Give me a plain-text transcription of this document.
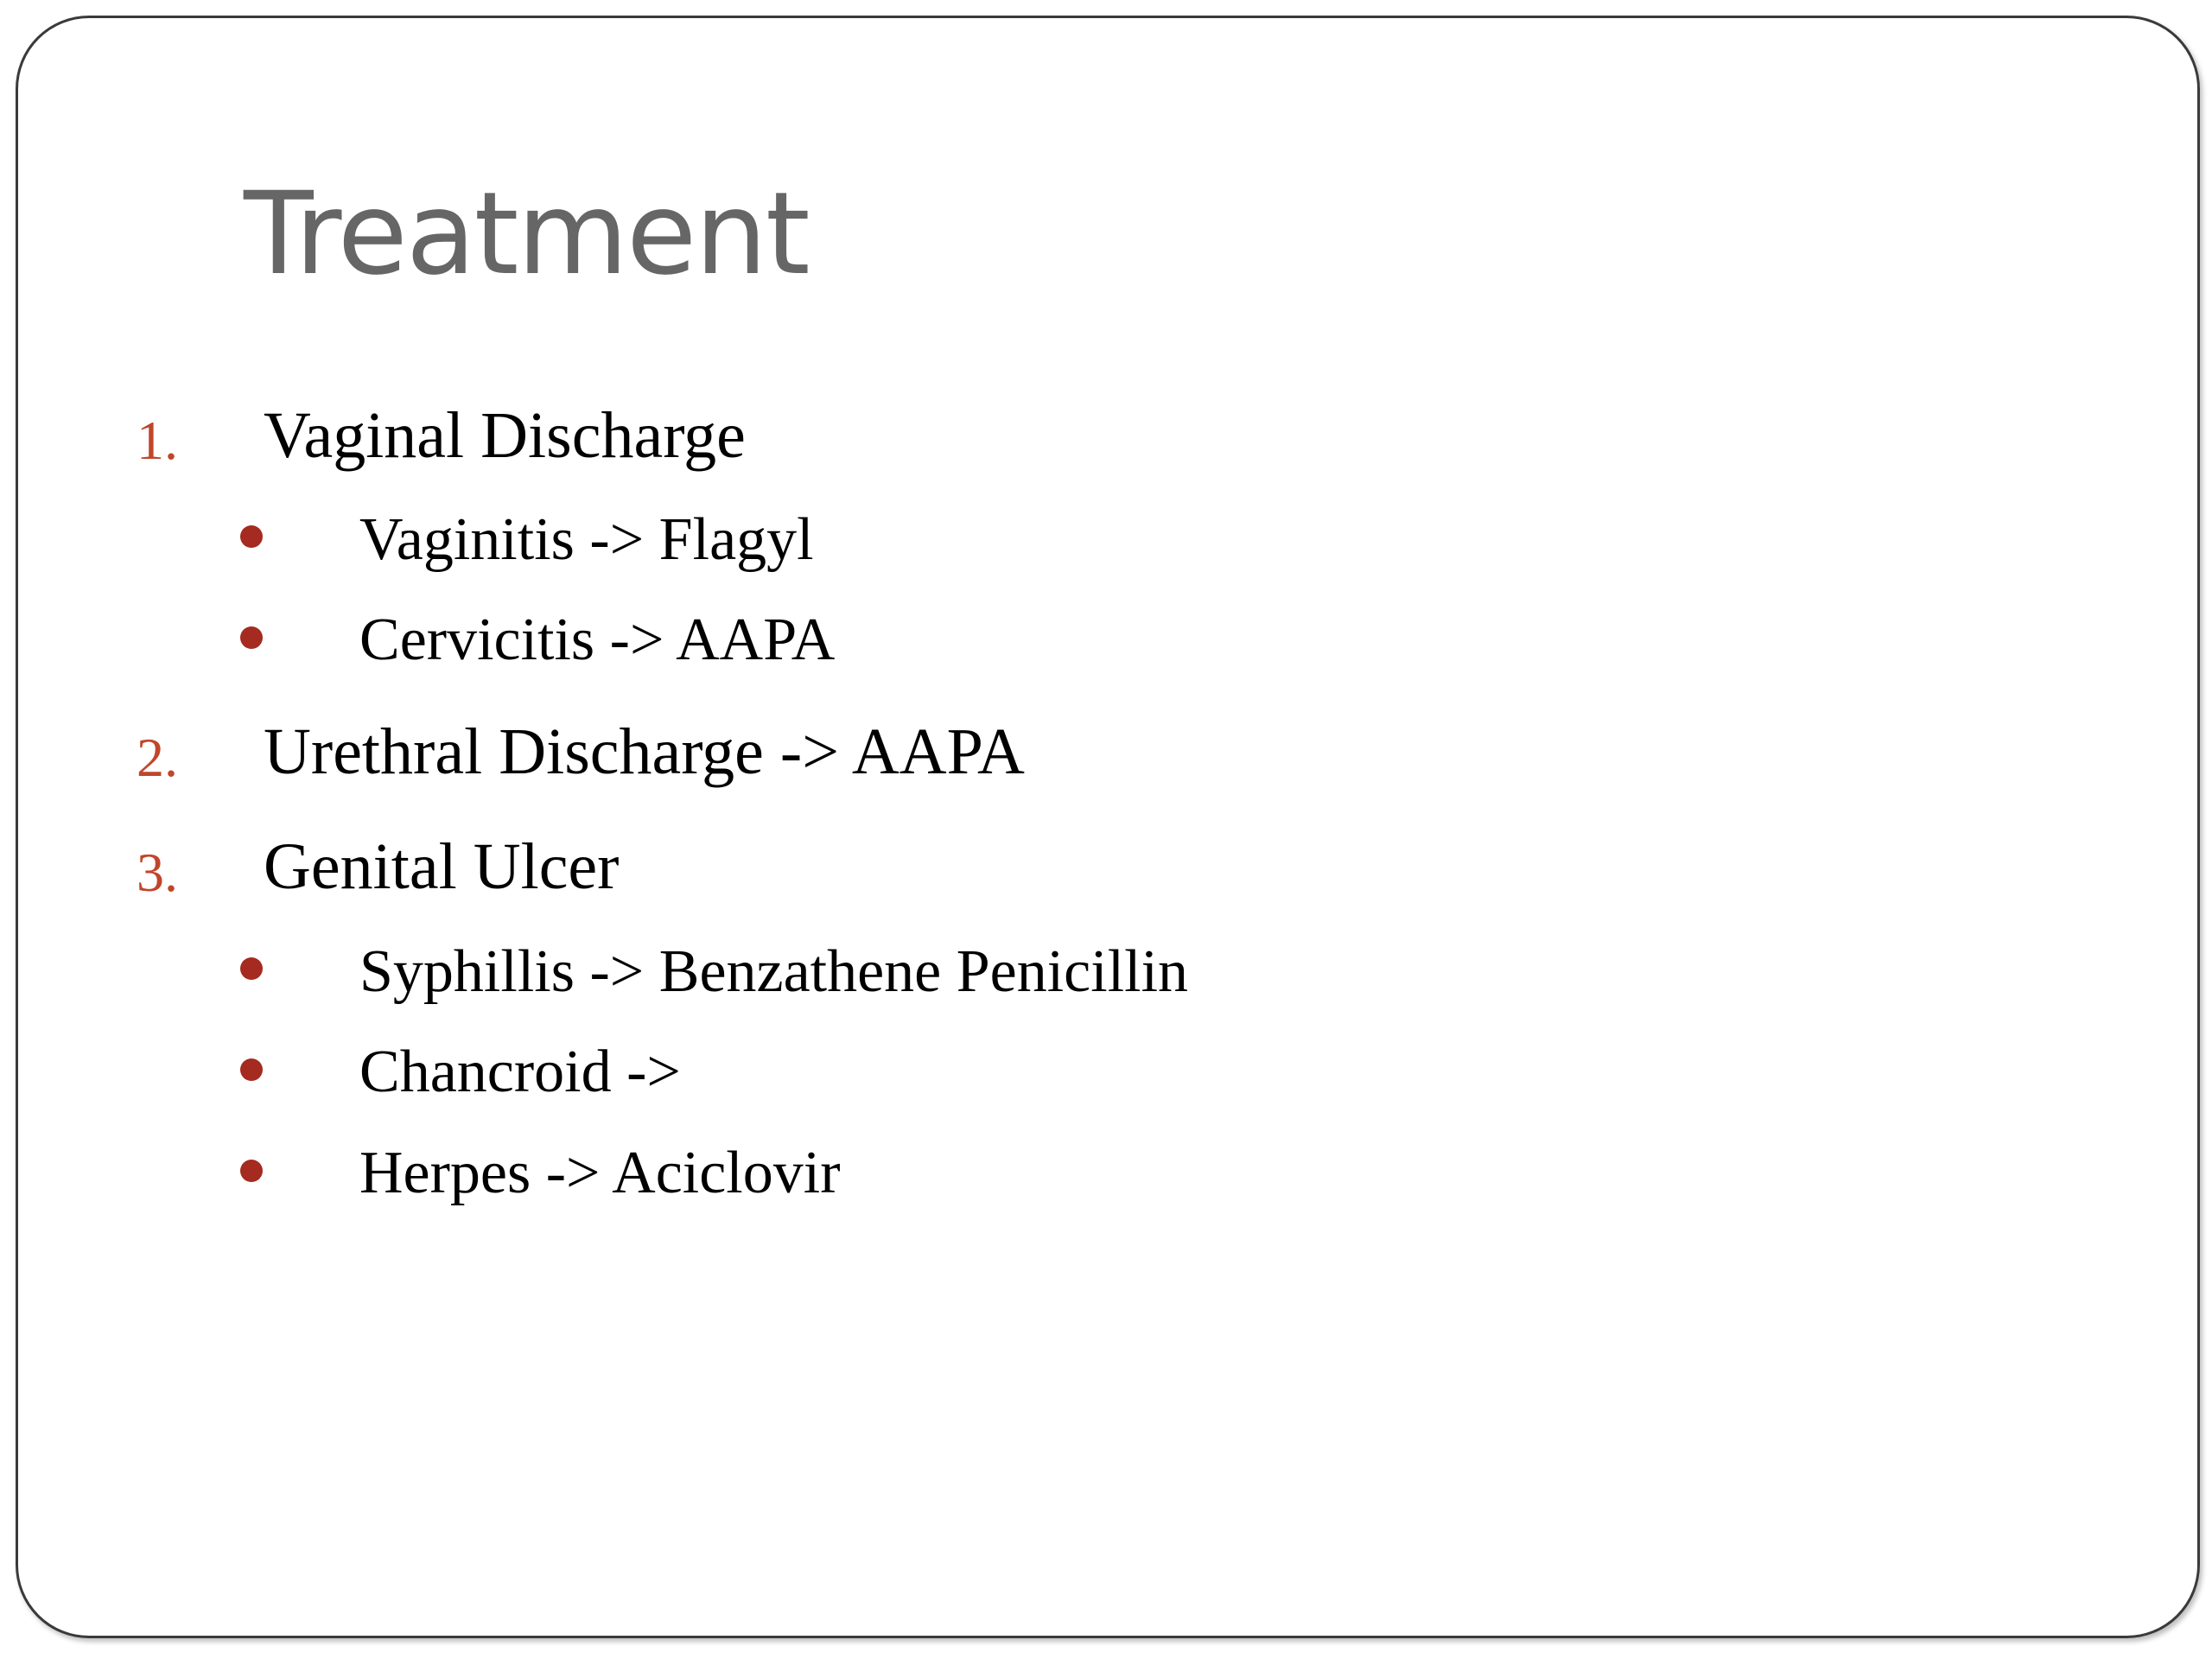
Treatment
1. Vaginal Discharge
Vaginitis -> Flagyl
Cervicitis -> AAPA
2. Urethral Discharge -> AAPA
3. Genital Ulcer
Syphillis -> Benzathene Penicillin
Chancroid ->
Herpes -> Aciclovir
